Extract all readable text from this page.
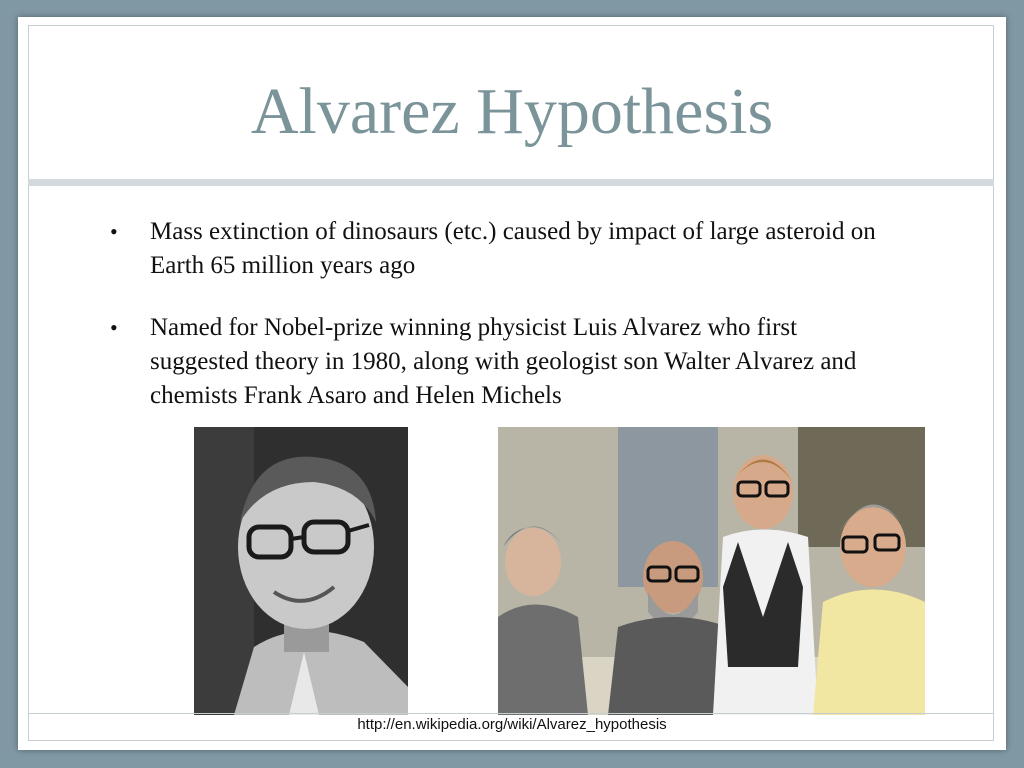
Alvarez Hypothesis
• Mass extinction of dinosaurs (etc.) caused by impact of large asteroid on Earth 65 million years ago
• Named for Nobel-prize winning physicist Luis Alvarez who first suggested theory in 1980, along with geologist son Walter Alvarez and chemists Frank Asaro and Helen Michels
http://en.wikipedia.org/wiki/Alvarez_hypothesis
